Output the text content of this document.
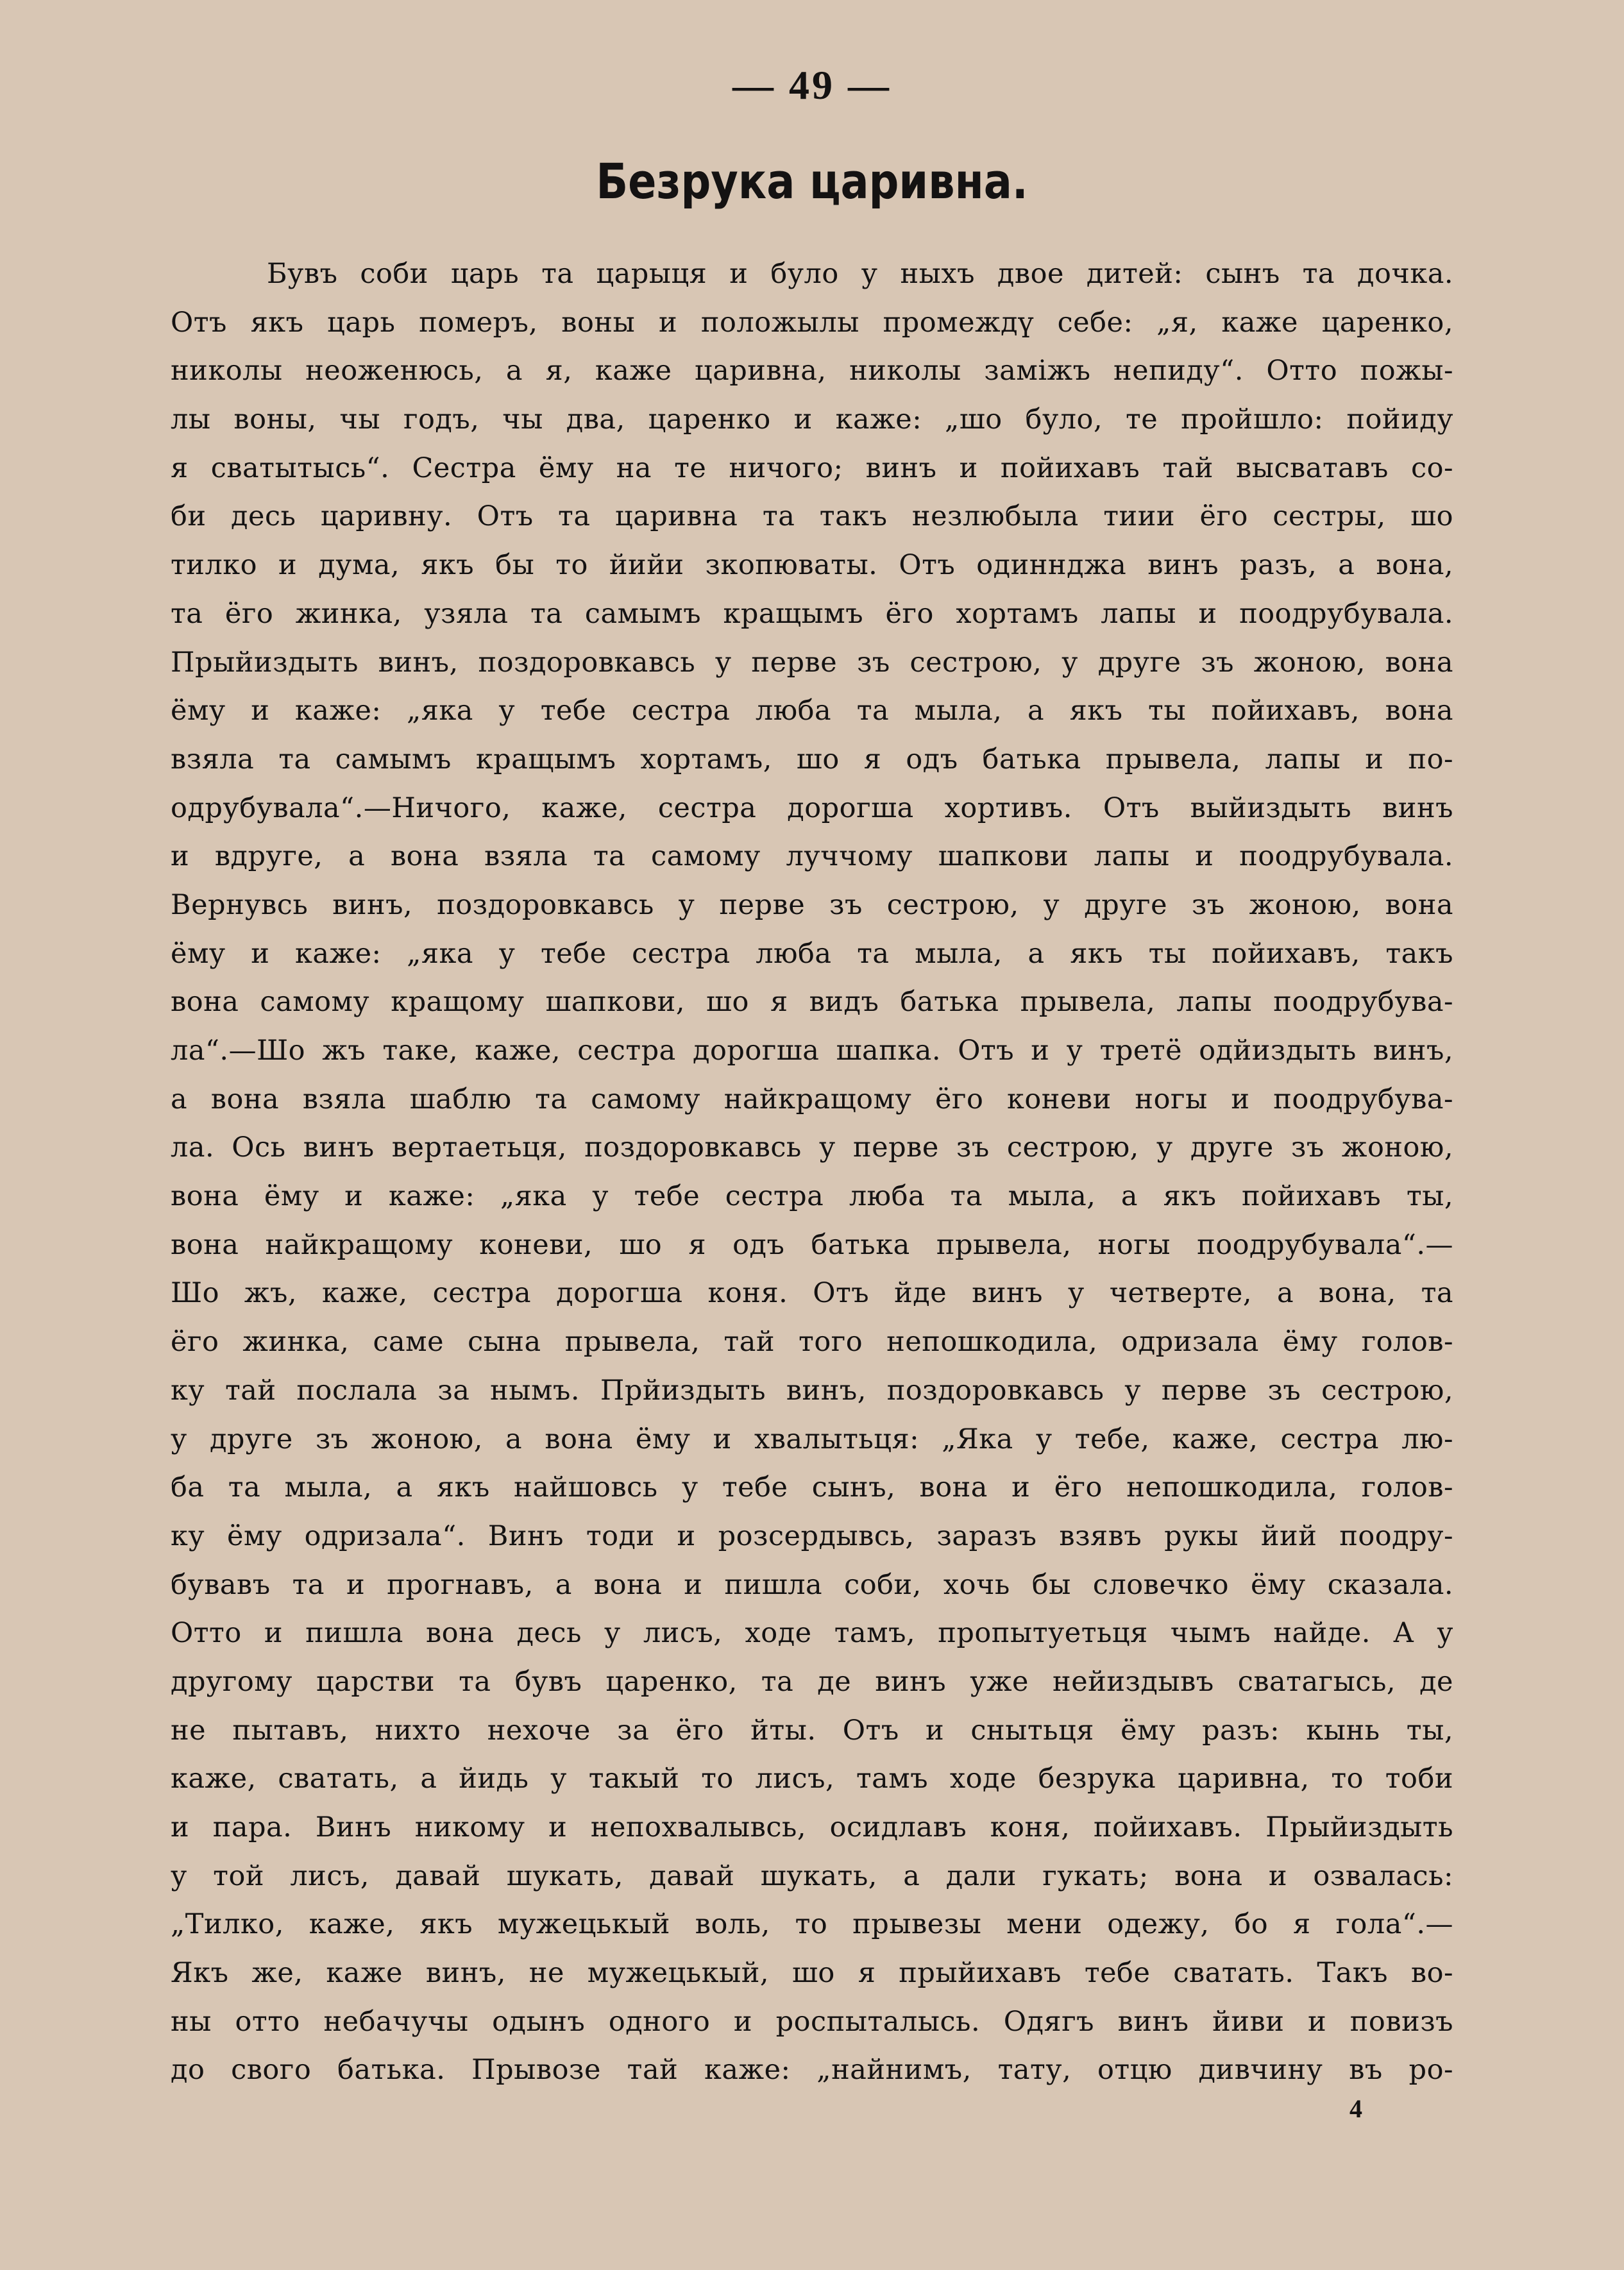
— 49 —
Безрука царивна.
Бувъ соби царь та царыця и було у ныхъ двое дитей: сынъ та дочка.
Отъ якъ царь померъ, воны и положылы промеждү себе: „я, каже царенко,
николы неоженюсь, а я, каже царивна, николы заміжъ непиду“. Отто пожы-
лы воны, чы годъ, чы два, царенко и каже: „шо було, те пройшло: пойиду
я сватытысь“. Сестра ёму на те ничого; винъ и пойихавъ тай высватавъ со-
би десь царивну. Отъ та царивна та такъ незлюбыла тиии ёго сестры, шо
тилко и дума, якъ бы то йийи зкопюваты. Отъ одиннджа винъ разъ, а вона,
та ёго жинка, узяла та самымъ кращымъ ёго хортамъ лапы и поодрубувала.
Прыйиздыть винъ, поздоровкавсь у перве зъ сестрою, у друге зъ жоною, вона
ёму и каже: „яка у тебе сестра люба та мыла, а якъ ты пойихавъ, вона
взяла та самымъ кращымъ хортамъ, шо я одъ батька прывела, лапы и по-
одрубувала“.—Ничого, каже, сестра дорогша хортивъ. Отъ выйиздыть винъ
и вдруге, а вона взяла та самому луччому шапкови лапы и поодрубувала.
Вернувсь винъ, поздоровкавсь у перве зъ сестрою, у друге зъ жоною, вона
ёму и каже: „яка у тебе сестра люба та мыла, а якъ ты пойихавъ, такъ
вона самому кращому шапкови, шо я видъ батька прывела, лапы поодрубува-
ла“.—Шо жъ таке, каже, сестра дорогша шапка. Отъ и у третё одйиздыть винъ,
а вона взяла шаблю та самому найкращому ёго коневи ногы и поодрубува-
ла. Ось винъ вертаетьця, поздоровкавсь у перве зъ сестрою, у друге зъ жоною,
вона ёму и каже: „яка у тебе сестра люба та мыла, а якъ пойихавъ ты,
вона найкращому коневи, шо я одъ батька прывела, ногы поодрубувала“.—
Шо жъ, каже, сестра дорогша коня. Отъ йде винъ у четверте, а вона, та
ёго жинка, саме сына прывела, тай того непошкодила, одризала ёму голов-
ку тай послала за нымъ. Прйиздыть винъ, поздоровкавсь у перве зъ сестрою,
у друге зъ жоною, а вона ёму и хвалытьця: „Яка у тебе, каже, сестра лю-
ба та мыла, а якъ найшовсь у тебе сынъ, вона и ёго непошкодила, голов-
ку ёму одризала“. Винъ тоди и розсердывсь, заразъ взявъ рукы йий поодру-
бувавъ та и прогнавъ, а вона и пишла соби, хочь бы словечко ёму сказала.
Отто и пишла вона десь у лисъ, ходе тамъ, пропытуетьця чымъ найде. А у
другому царстви та бувъ царенко, та де винъ уже нейиздывъ сватагысь, де
не пытавъ, нихто нехоче за ёго йты. Отъ и снытьця ёму разъ: кынь ты,
каже, сватать, а йидь у такый то лисъ, тамъ ходе безрука царивна, то тоби
и пара. Винъ никому и непохвалывсь, осидлавъ коня, пойихавъ. Прыйиздыть
у той лисъ, давай шукать, давай шукать, а дали гукать; вона и озвалась:
„Тилко, каже, якъ мужецькый воль, то прывезы мени одежу, бо я гола“.—
Якъ же, каже винъ, не мужецькый, шо я прыйихавъ тебе сватать. Такъ во-
ны отто небачучы одынъ одного и роспыталысь. Одягъ винъ йиви и повизъ
до свого батька. Прывозе тай каже: „найнимъ, тату, отцю дивчину въ ро-
4
